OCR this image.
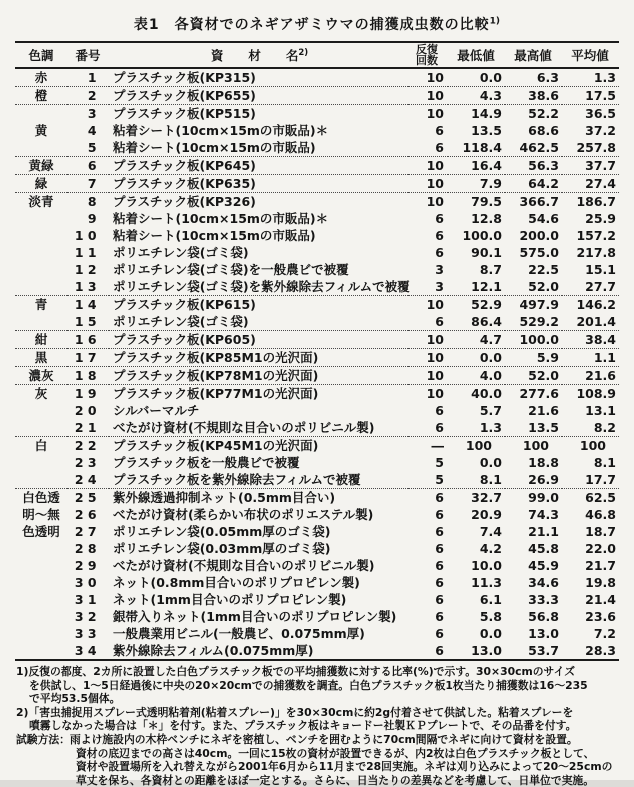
表1　各資材でのネギアザミウマの捕獲成虫数の比較$^{1)}$
色調	番号	資　　材　　名$^{2)}$	反復
回数	最低値	最高値	平均値
赤	1	プラスチック板(KP315)	10	0.0	6.3	1.3
橙	2	プラスチック板(KP655)	10	4.3	38.6	17.5
	3	プラスチック板(KP515)	10	14.9	52.2	36.5
黄	4	粘着シート(10cm×15mの市販品)＊	6	13.5	68.6	37.2
	5	粘着シート(10cm×15mの市販品)	6	118.4	462.5	257.8
黄緑	6	プラスチック板(KP645)	10	16.4	56.3	37.7
緑	7	プラスチック板(KP635)	10	7.9	64.2	27.4
淡青	8	プラスチック板(KP326)	10	79.5	366.7	186.7
	9	粘着シート(10cm×15mの市販品)＊	6	12.8	54.6	25.9
	10	粘着シート(10cm×15mの市販品)	6	100.0	200.0	157.2
	11	ポリエチレン袋(ゴミ袋)	6	90.1	575.0	217.8
	12	ポリエチレン袋(ゴミ袋)を一般農ビで被覆	3	8.7	22.5	15.1
	13	ポリエチレン袋(ゴミ袋)を紫外線除去フィルムで被覆	3	12.1	52.0	27.7
青	14	プラスチック板(KP615)	10	52.9	497.9	146.2
	15	ポリエチレン袋(ゴミ袋)	6	86.4	529.2	201.4
紺	16	プラスチック板(KP605)	10	4.7	100.0	38.4
黒	17	プラスチック板(KP85M1の光沢面)	10	0.0	5.9	1.1
濃灰	18	プラスチック板(KP78M1の光沢面)	10	4.0	52.0	21.6
灰	19	プラスチック板(KP77M1の光沢面)	10	40.0	277.6	108.9
	20	シルバーマルチ	6	5.7	21.6	13.1
	21	べたがけ資材(不規則な目合いのポリビニル製)	6	1.3	13.5	8.2
白	22	プラスチック板(KP45M1の光沢面)	―	100	100	100
	23	プラスチック板を一般農ビで被覆	5	0.0	18.8	8.1
	24	プラスチック板を紫外線除去フィルムで被覆	5	8.1	26.9	17.7
白色透	25	紫外線透過抑制ネット(0.5mm目合い)	6	32.7	99.0	62.5
明～無	26	べたがけ資材(柔らかい布状のポリエステル製)	6	20.9	74.3	46.8
色透明	27	ポリエチレン袋(0.05mm厚のゴミ袋)	6	7.4	21.1	18.7
	28	ポリエチレン袋(0.03mm厚のゴミ袋)	6	4.2	45.8	22.0
	29	べたがけ資材(不規則な目合いのポリビニル製)	6	10.0	45.9	21.7
	30	ネット(0.8mm目合いのポリプロピレン製)	6	11.3	34.6	19.8
	31	ネット(1mm目合いのポリプロピレン製)	6	6.1	33.3	21.4
	32	銀帯入りネット(1mm目合いのポリプロピレン製)	6	5.8	56.8	23.6
	33	一般農業用ビニル(一般農ビ、0.075mm厚)	6	0.0	13.0	7.2
	34	紫外線除去フィルム(0.075mm厚)	6	13.0	53.7	28.3
1)反復の都度、2カ所に設置した白色プラスチック板での平均捕獲数に対する比率(%)で示す。30×30cmのサイズ
を供試し、1～5日経過後に中央の20×20cmでの捕獲数を調査。白色プラスチック板1枚当たり捕獲数は16～235
で平均53.5個体。
2)「害虫捕捉用スプレー式透明粘着剤(粘着スプレー)」を30×30cmに約2g付着させて供試した。粘着スプレーを
噴霧しなかった場合は「＊」を付す。また、プラスチック板はキョードー社製ＫＰプレートで、その品番を付す。
試験方法：雨よけ施設内の木枠ベンチにネギを密植し、ベンチを囲むように70cm間隔でネギに向けて資材を設置。
資材の底辺までの高さは40cm。一回に15枚の資材が設置できるが、内2枚は白色プラスチック板として、
資材や設置場所を入れ替えながら2001年6月から11月まで28回実施。ネギは刈り込みによって20～25cmの
草丈を保ち、各資材との距離をほぼ一定とする。さらに、日当たりの差異などを考慮して、日単位で実施。
